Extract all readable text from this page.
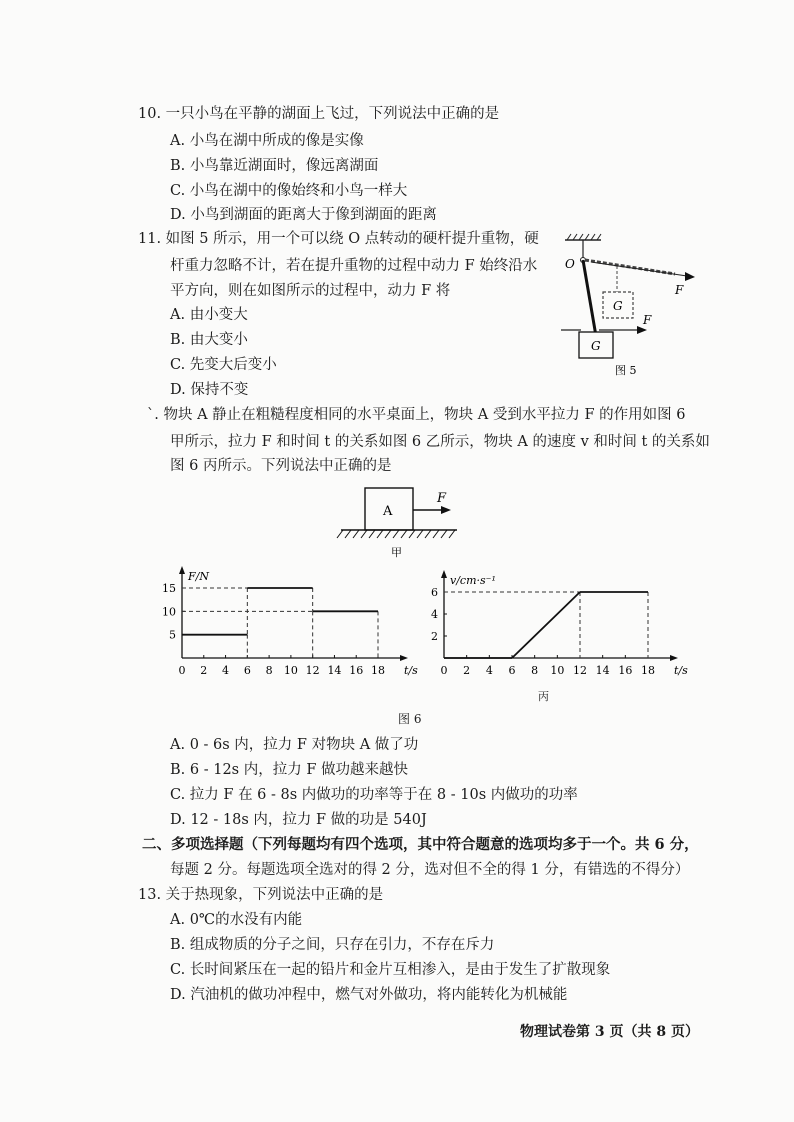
10. 一只小鸟在平静的湖面上飞过，下列说法中正确的是
A. 小鸟在湖中所成的像是实像
B. 小鸟靠近湖面时，像远离湖面
C. 小鸟在湖中的像始终和小鸟一样大
D. 小鸟到湖面的距离大于像到湖面的距离
11. 如图 5 所示，用一个可以绕 O 点转动的硬杆提升重物，硬
杆重力忽略不计，若在提升重物的过程中动力 F 始终沿水
平方向，则在如图所示的过程中，动力 F 将
A. 由小变大
B. 由大变小
C. 先变大后变小
D. 保持不变
O
G
F
G
F
图 5
`. 物块 A 静止在粗糙程度相同的水平桌面上，物块 A 受到水平拉力 F 的作用如图 6
甲所示，拉力 F 和时间 t 的关系如图 6 乙所示，物块 A 的速度 v 和时间 t 的关系如
图 6 丙所示。下列说法中正确的是
A
F
甲
0 2 4 6 8 10 12 14 16 18
5
10
15
t/s
F/N
0 2 4 6 8 10 12 14 16 18
2
4
6
t/s
v/cm·s⁻¹
丙
图 6
A. 0 - 6s 内，拉力 F 对物块 A 做了功
B. 6 - 12s 内，拉力 F 做功越来越快
C. 拉力 F 在 6 - 8s 内做功的功率等于在 8 - 10s 内做功的功率
D. 12 - 18s 内，拉力 F 做的功是 540J
二、多项选择题（下列每题均有四个选项，其中符合题意的选项均多于一个。共 6 分，
每题 2 分。每题选项全选对的得 2 分，选对但不全的得 1 分，有错选的不得分）
13. 关于热现象，下列说法中正确的是
A. 0℃的水没有内能
B. 组成物质的分子之间，只存在引力，不存在斥力
C. 长时间紧压在一起的铅片和金片互相渗入，是由于发生了扩散现象
D. 汽油机的做功冲程中，燃气对外做功，将内能转化为机械能
物理试卷第 3 页（共 8 页）
